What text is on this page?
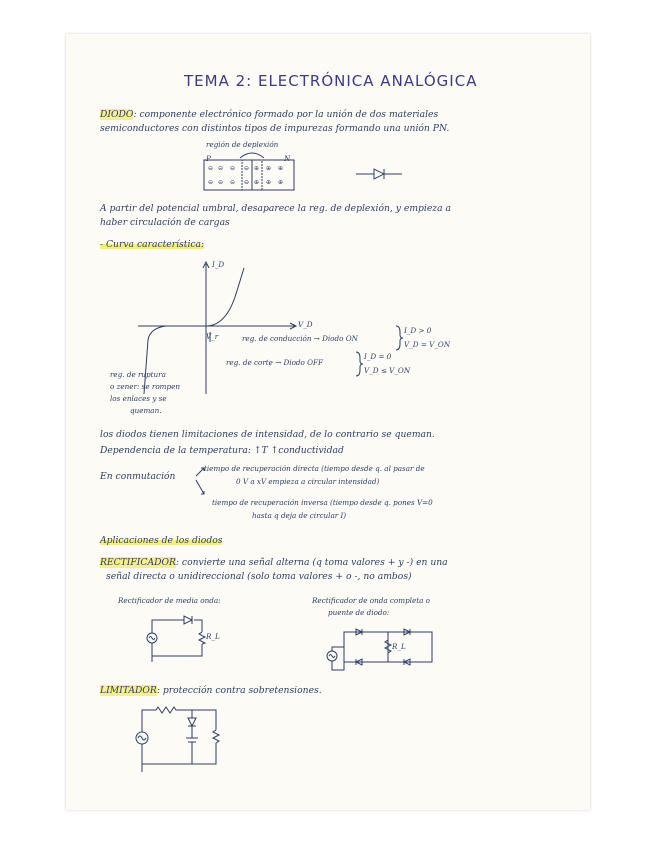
TEMA 2: ELECTRÓNICA ANALÓGICA
DIODO: componente electrónico formado por la unión de dos materiales
semiconductores con distintos tipos de impurezas formando una unión PN.
región de deplexión
P	N
⊖ ⊖ ⊖
⊖ ⊖ ⊖
⊖
⊖
⊕
⊕
⊕ ⊕
⊕ ⊕
A partir del potencial umbral, desaparece la reg. de deplexión, y empieza a
haber circulación de cargas
- Curva característica:
I_D
V_D
V_r	reg. de conducción → Diodo ON
I_D > 0
V_D = V_ON
reg. de corte → Diodo OFF
I_D = 0
V_D ≤ V_ON
reg. de ruptura
o zener: se rompen
los enlaces y se
queman.
los diodos tienen limitaciones de intensidad, de lo contrario se queman.
Dependencia de la temperatura: ↑T ↑conductividad
En conmutación
tiempo de recuperación directa (tiempo desde q. al pasar de
0 V a xV empieza a circular intensidad)
tiempo de recuperación inversa (tiempo desde q. pones V=0
hasta q deja de circular I)
Aplicaciones de los diodos
RECTIFICADOR: convierte una señal alterna (q toma valores + y -) en una
señal directa o unidireccional (solo toma valores + o -, no ambos)
Rectificador de media onda:	Rectificador de onda completa o
puente de diodo:
R_L
R_L
LIMITADOR: protección contra sobretensiones.
